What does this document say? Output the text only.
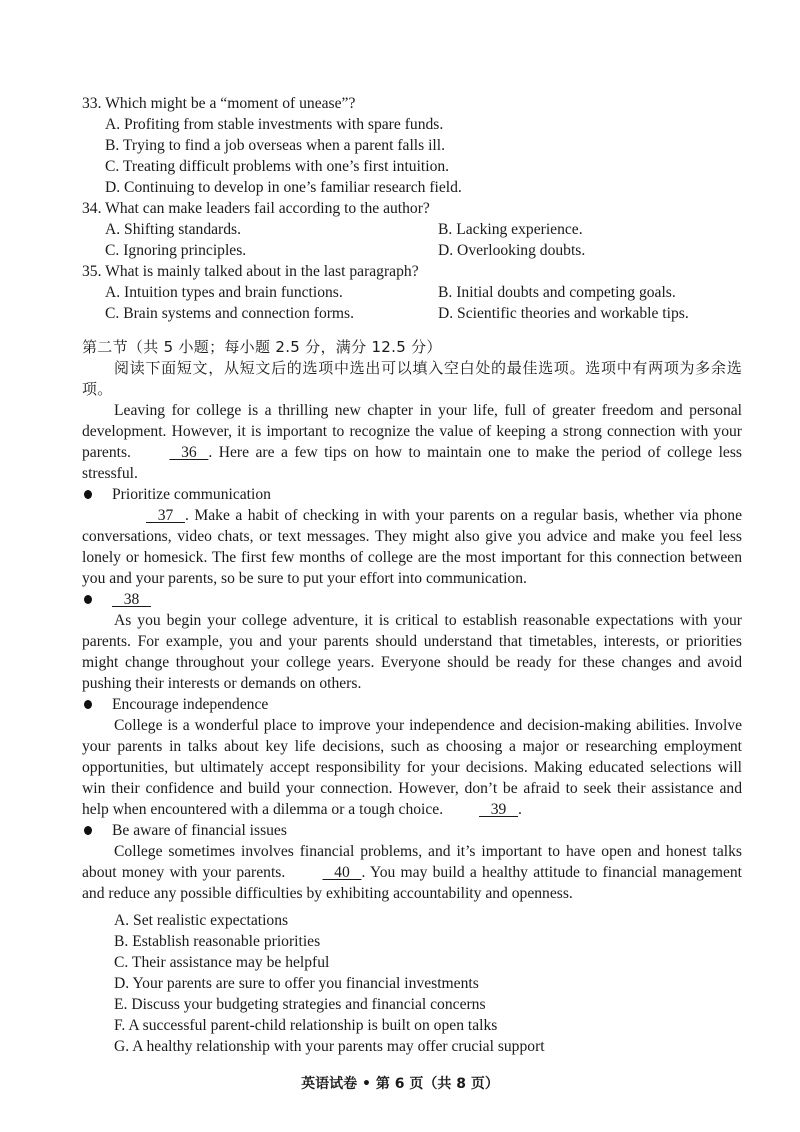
33. Which might be a “moment of unease”?

A. Profiting from stable investments with spare funds.
B. Trying to find a job overseas when a parent falls ill.
C. Treating difficult problems with one’s first intuition.
D. Continuing to develop in one’s familiar research field.

34. What can make leaders fail according to the author?

A. Shifting standards.	B. Lacking experience.
C. Ignoring principles.	D. Overlooking doubts.

35. What is mainly talked about in the last paragraph?

A. Intuition types and brain functions.	B. Initial doubts and competing goals.
C. Brain systems and connection forms.	D. Scientific theories and workable tips.
第二节（共 5 小题；每小题 2.5 分，满分 12.5 分）

阅读下面短文，从短文后的选项中选出可以填入空白处的最佳选项。选项中有两项为多余选项。

Leaving for college is a thrilling new chapter in your life, full of greater freedom and personal development. However, it is important to recognize the value of keeping a strong connection with your parents.    36   . Here are a few tips on how to maintain one to make the period of college less stressful.

Prioritize communication

37   . Make a habit of checking in with your parents on a regular basis, whether via phone conversations, video chats, or text messages. They might also give you advice and make you feel less lonely or homesick. The first few months of college are the most important for this connection between you and your parents, so be sure to put your effort into communication.

38

As you begin your college adventure, it is critical to establish reasonable expectations with your parents. For example, you and your parents should understand that timetables, interests, or priorities might change throughout your college years. Everyone should be ready for these changes and avoid pushing their interests or demands on others.

Encourage independence

College is a wonderful place to improve your independence and decision-making abilities. Involve your parents in talks about key life decisions, such as choosing a major or researching employment opportunities, but ultimately accept responsibility for your decisions. Making educated selections will win their confidence and build your connection. However, don’t be afraid to seek their assistance and help when encountered with a dilemma or a tough choice.    39   .

Be aware of financial issues

College sometimes involves financial problems, and it’s important to have open and honest talks about money with your parents.    40   . You may build a healthy attitude to financial management and reduce any possible difficulties by exhibiting accountability and openness.

A. Set realistic expectations
B. Establish reasonable priorities
C. Their assistance may be helpful
D. Your parents are sure to offer you financial investments
E. Discuss your budgeting strategies and financial concerns
F. A successful parent-child relationship is built on open talks
G. A healthy relationship with your parents may offer crucial support
英语试卷 • 第 6 页（共 8 页）
